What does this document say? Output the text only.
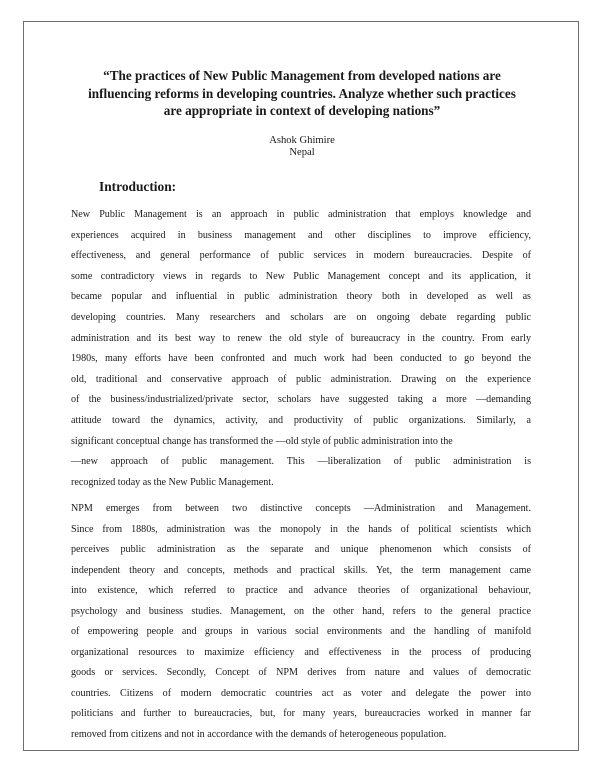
“The practices of New Public Management from developed nations are
influencing reforms in developing countries. Analyze whether such practices
are appropriate in context of developing nations”
Ashok Ghimire
Nepal
Introduction:

New Public Management is an approach in public administration that employs knowledge and
experiences acquired in business management and other disciplines to improve efficiency,
effectiveness, and general performance of public services in modern bureaucracies. Despite of
some contradictory views in regards to New Public Management concept and its application, it
became popular and influential in public administration theory both in developed as well as
developing countries. Many researchers and scholars are on ongoing debate regarding public
administration and its best way to renew the old style of bureaucracy in the country. From early
1980s, many efforts have been confronted and much work had been conducted to go beyond the
old, traditional and conservative approach of public administration. Drawing on the experience
of the business/industrialized/private sector, scholars have suggested taking a more ―demanding
attitude toward the dynamics, activity, and productivity of public organizations. Similarly, a
significant conceptual change has transformed the ―old style of public administration into the
―new approach of public management. This ―liberalization of public administration is
recognized today as the New Public Management.

NPM emerges from between two distinctive concepts ―Administration and Management.
Since from 1880s, administration was the monopoly in the hands of political scientists which
perceives public administration as the separate and unique phenomenon which consists of
independent theory and concepts, methods and practical skills. Yet, the term management came
into existence, which referred to practice and advance theories of organizational behaviour,
psychology and business studies. Management, on the other hand, refers to the general practice
of empowering people and groups in various social environments and the handling of manifold
organizational resources to maximize efficiency and effectiveness in the process of producing
goods or services. Secondly, Concept of NPM derives from nature and values of democratic
countries. Citizens of modern democratic countries act as voter and delegate the power into
politicians and further to bureaucracies, but, for many years, bureaucracies worked in manner far
removed from citizens and not in accordance with the demands of heterogeneous population.
